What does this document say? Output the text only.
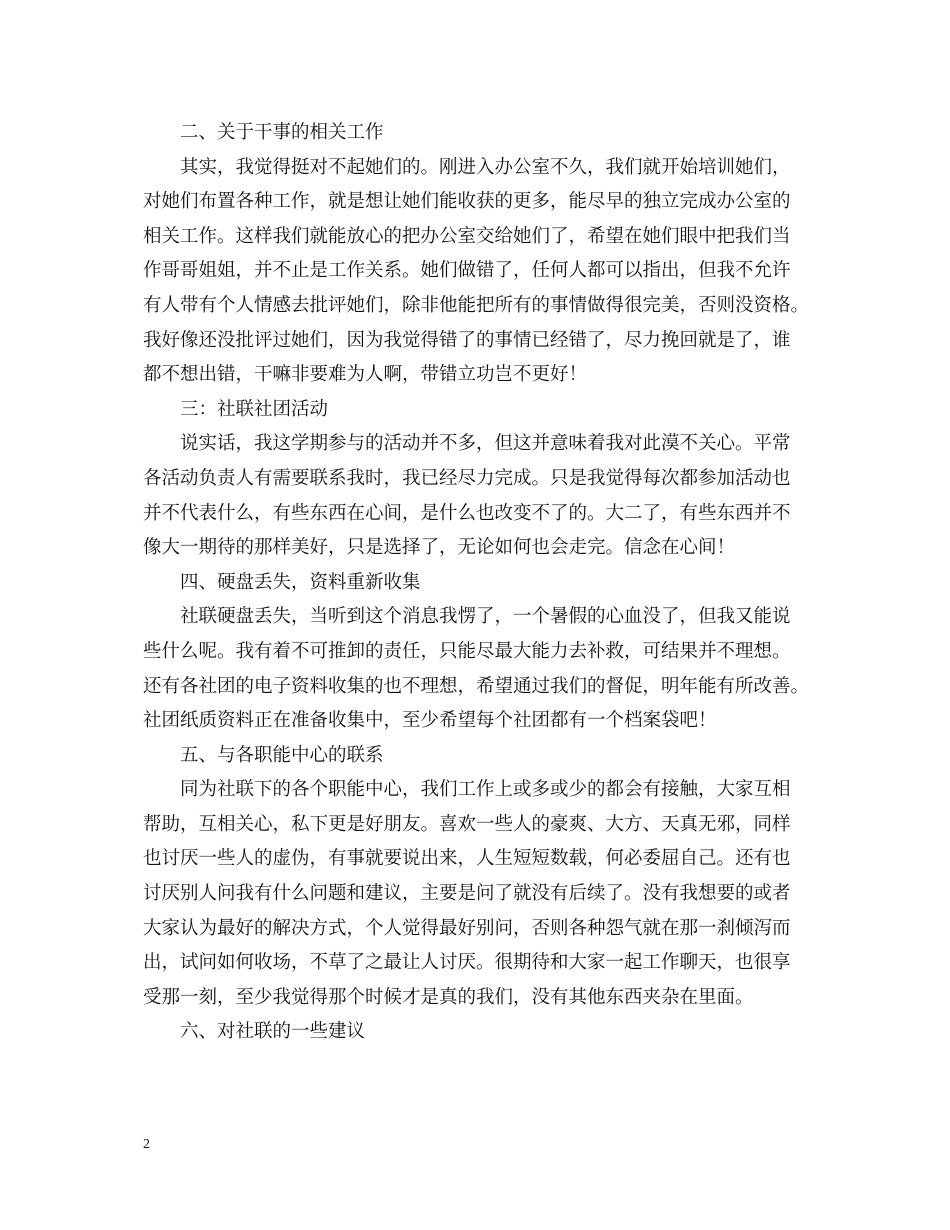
二、关于干事的相关工作
其实，我觉得挺对不起她们的。刚进入办公室不久，我们就开始培训她们，
对她们布置各种工作，就是想让她们能收获的更多，能尽早的独立完成办公室的
相关工作。这样我们就能放心的把办公室交给她们了，希望在她们眼中把我们当
作哥哥姐姐，并不止是工作关系。她们做错了，任何人都可以指出，但我不允许
有人带有个人情感去批评她们，除非他能把所有的事情做得很完美，否则没资格。
我好像还没批评过她们，因为我觉得错了的事情已经错了，尽力挽回就是了，谁
都不想出错，干嘛非要难为人啊，带错立功岂不更好！
三：社联社团活动
说实话，我这学期参与的活动并不多，但这并意味着我对此漠不关心。平常
各活动负责人有需要联系我时，我已经尽力完成。只是我觉得每次都参加活动也
并不代表什么，有些东西在心间，是什么也改变不了的。大二了，有些东西并不
像大一期待的那样美好，只是选择了，无论如何也会走完。信念在心间！
四、硬盘丢失，资料重新收集
社联硬盘丢失，当听到这个消息我愣了，一个暑假的心血没了，但我又能说
些什么呢。我有着不可推卸的责任，只能尽最大能力去补救，可结果并不理想。
还有各社团的电子资料收集的也不理想，希望通过我们的督促，明年能有所改善。
社团纸质资料正在准备收集中，至少希望每个社团都有一个档案袋吧！
五、与各职能中心的联系
同为社联下的各个职能中心，我们工作上或多或少的都会有接触，大家互相
帮助，互相关心，私下更是好朋友。喜欢一些人的豪爽、大方、天真无邪，同样
也讨厌一些人的虚伪，有事就要说出来，人生短短数载，何必委屈自己。还有也
讨厌别人问我有什么问题和建议，主要是问了就没有后续了。没有我想要的或者
大家认为最好的解决方式，个人觉得最好别问，否则各种怨气就在那一刹倾泻而
出，试问如何收场，不草了之最让人讨厌。很期待和大家一起工作聊天，也很享
受那一刻，至少我觉得那个时候才是真的我们，没有其他东西夹杂在里面。
六、对社联的一些建议
2
